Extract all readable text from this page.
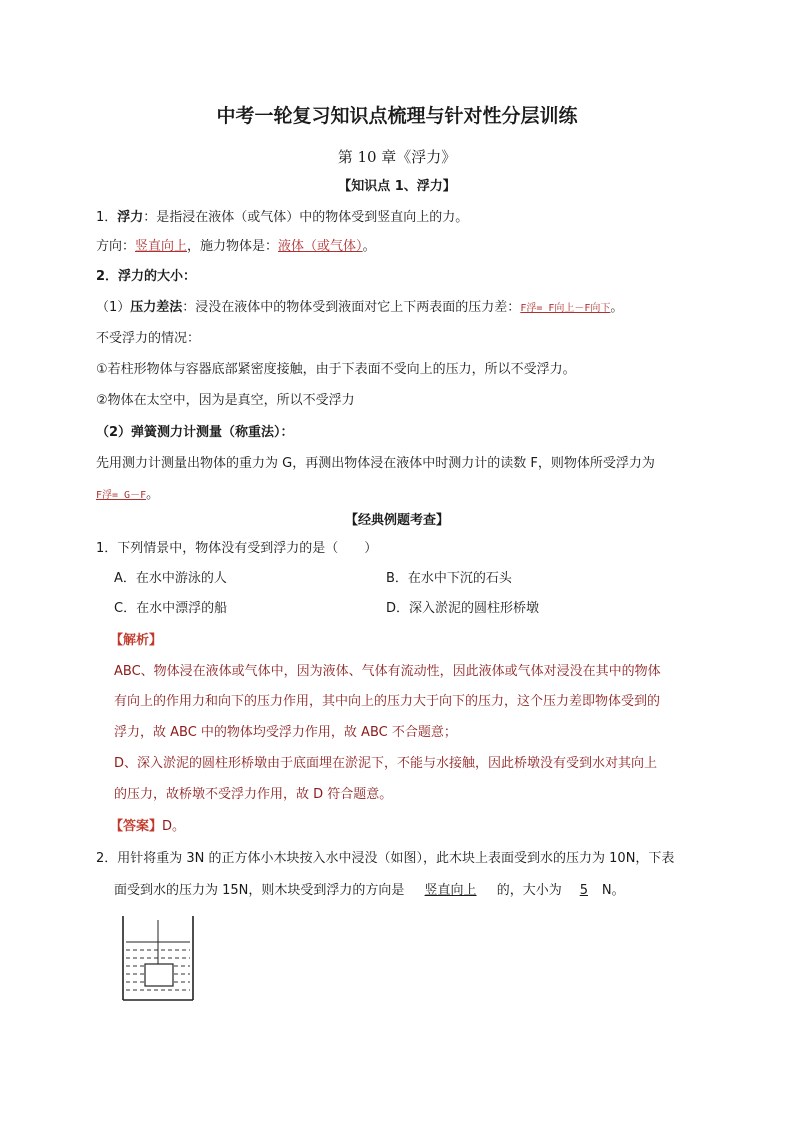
中考一轮复习知识点梳理与针对性分层训练
第 10 章《浮力》
【知识点 1、浮力】
1．浮力：是指浸在液体（或气体）中的物体受到竖直向上的力。
方向：竖直向上，施力物体是：液体（或气体）。
2．浮力的大小：
（1）压力差法：浸没在液体中的物体受到液面对它上下两表面的压力差：F浮= F向上－F向下。
不受浮力的情况：
①若柱形物体与容器底部紧密度接触，由于下表面不受向上的压力，所以不受浮力。
②物体在太空中，因为是真空，所以不受浮力
（2）弹簧测力计测量（称重法）：
先用测力计测量出物体的重力为 G，再测出物体浸在液体中时测力计的读数 F，则物体所受浮力为
F浮= G－F。
【经典例题考查】
1．下列情景中，物体没有受到浮力的是（　　）
A．在水中游泳的人	B．在水中下沉的石头
C．在水中漂浮的船	D．深入淤泥的圆柱形桥墩
【解析】
ABC、物体浸在液体或气体中，因为液体、气体有流动性，因此液体或气体对浸没在其中的物体
有向上的作用力和向下的压力作用，其中向上的压力大于向下的压力，这个压力差即物体受到的
浮力，故 ABC 中的物体均受浮力作用，故 ABC 不合题意；
D、深入淤泥的圆柱形桥墩由于底面埋在淤泥下，不能与水接触，因此桥墩没有受到水对其向上
的压力，故桥墩不受浮力作用，故 D 符合题意。
【答案】D。
2．用针将重为 3N 的正方体小木块按入水中浸没（如图），此木块上表面受到水的压力为 10N，下表
面受到水的压力为 15N，则木块受到浮力的方向是 竖直向上 的，大小为 5 N。
